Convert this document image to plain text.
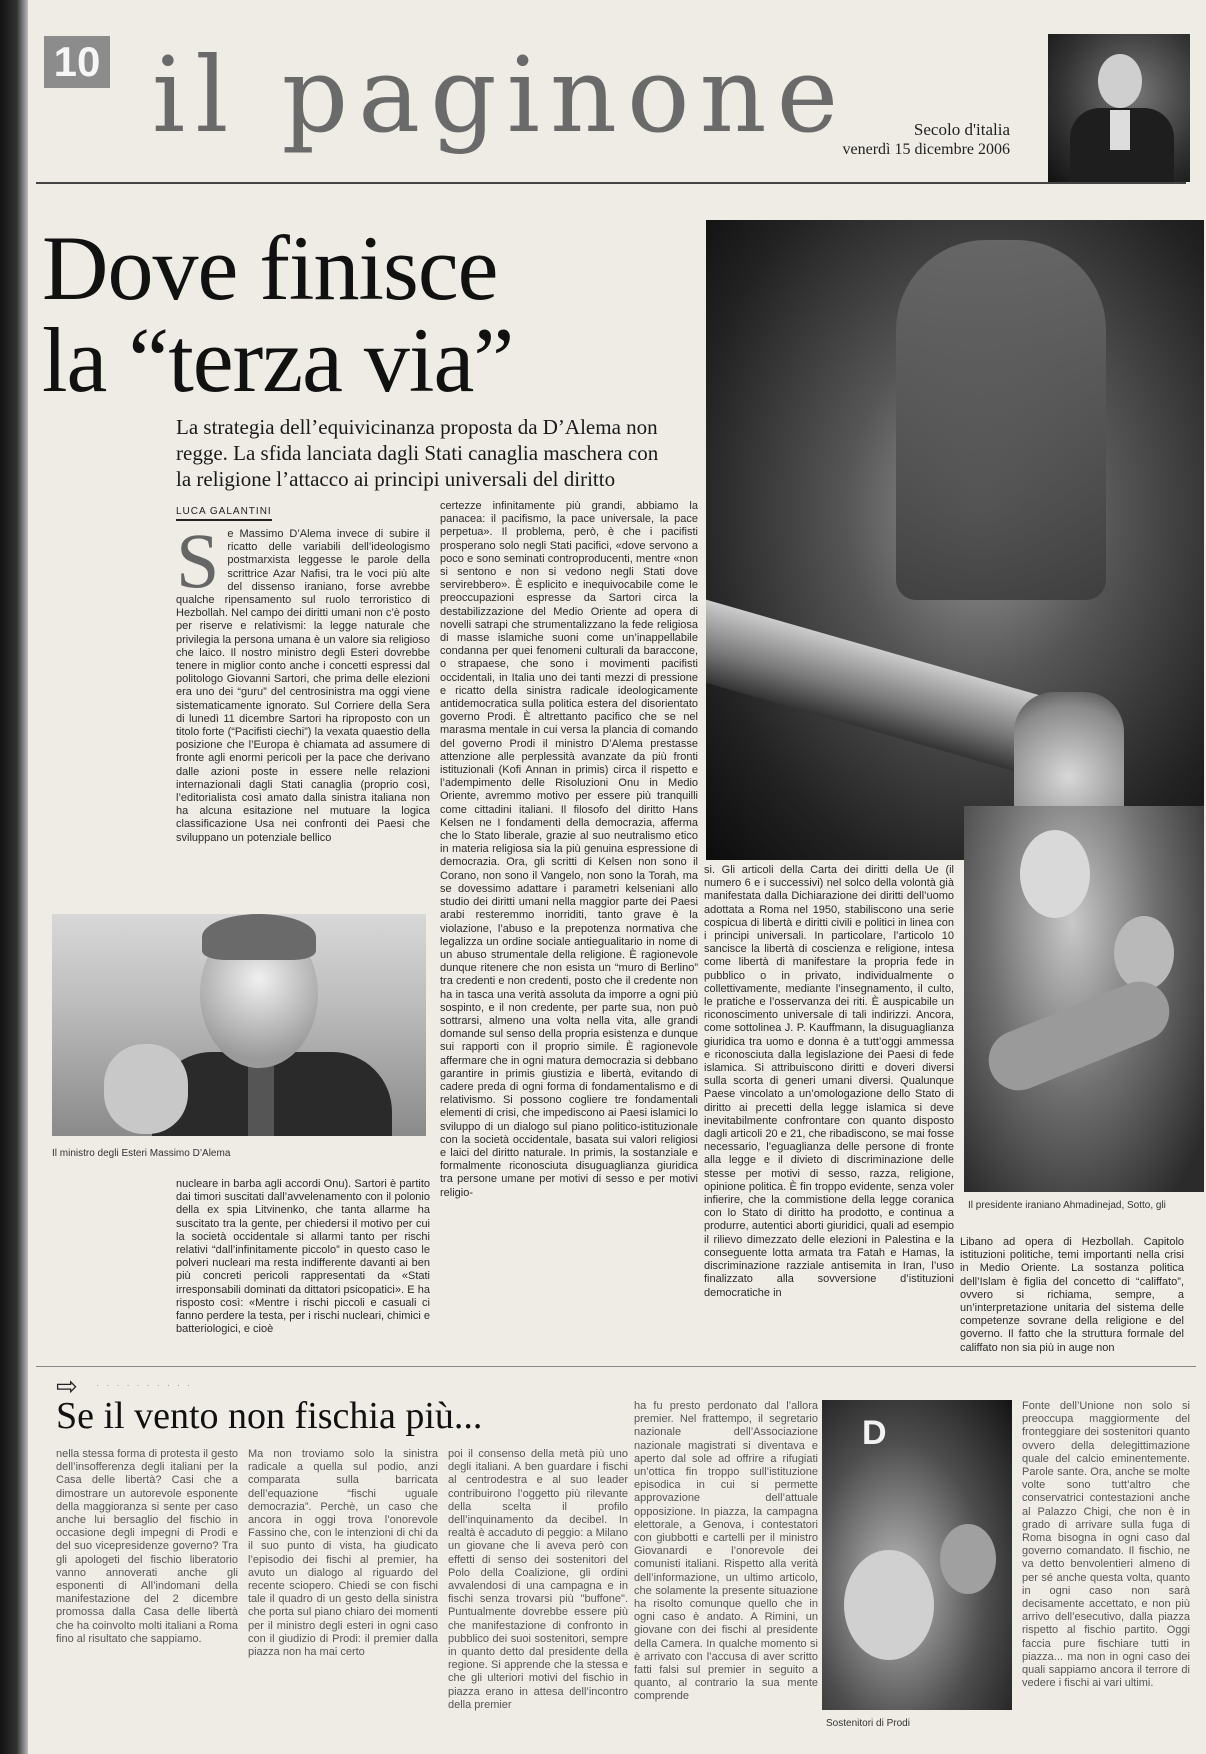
10 il paginone	Secolo d'italia
venerdì 15 dicembre 2006
Dove finisce
la “terza via”
La strategia dell’equivicinanza proposta da D’Alema non regge. La sfida lanciata dagli Stati canaglia maschera con la religione l’attacco ai principi universali del diritto
LUCA GALANTINI
S e Massimo D’Alema invece di subire il ricatto delle variabili dell’ideologismo postmarxista leggesse le parole della scrittrice Azar Nafisi, tra le voci più alte del dissenso iraniano, forse avrebbe qualche ripensamento sul ruolo terroristico di Hezbollah. Nel campo dei diritti umani non c’è posto per riserve e relativismi: la legge naturale che privilegia la persona umana è un valore sia religioso che laico. Il nostro ministro degli Esteri dovrebbe tenere in miglior conto anche i concetti espressi dal politologo Giovanni Sartori, che prima delle elezioni era uno dei “guru” del centrosinistra ma oggi viene sistematicamente ignorato. Sul Corriere della Sera di lunedì 11 dicembre Sartori ha riproposto con un titolo forte (“Pacifisti ciechi”) la vexata quaestio della posizione che l’Europa è chiamata ad assumere di fronte agli enormi pericoli per la pace che derivano dalle azioni poste in essere nelle relazioni internazionali dagli Stati canaglia (proprio così, l’editorialista così amato dalla sinistra italiana non ha alcuna esitazione nel mutuare la logica classificazione Usa nei confronti dei Paesi che sviluppano un potenziale bellico
Il ministro degli Esteri Massimo D’Alema
nucleare in barba agli accordi Onu). Sartori è partito dai timori suscitati dall’avvelenamento con il polonio della ex spia Litvinenko, che tanta allarme ha suscitato tra la gente, per chiedersi il motivo per cui la società occidentale si allarmi tanto per rischi relativi “dall’infinitamente piccolo” in questo caso le polveri nucleari ma resta indifferente davanti ai ben più concreti pericoli rappresentati da «Stati irresponsabili dominati da dittatori psicopatici». E ha risposto così: «Mentre i rischi piccoli e casuali ci fanno perdere la testa, per i rischi nucleari, chimici e batteriologici, e cioè
certezze infinitamente più grandi, abbiamo la panacea: il pacifismo, la pace universale, la pace perpetua». Il problema, però, è che i pacifisti prosperano solo negli Stati pacifici, «dove servono a poco e sono seminati controproducenti, mentre «non si sentono e non si vedono negli Stati dove servirebbero». È esplicito e inequivocabile come le preoccupazioni espresse da Sartori circa la destabilizzazione del Medio Oriente ad opera di novelli satrapi che strumentalizzano la fede religiosa di masse islamiche suoni come un’inappellabile condanna per quei fenomeni culturali da baraccone, o strapaese, che sono i movimenti pacifisti occidentali, in Italia uno dei tanti mezzi di pressione e ricatto della sinistra radicale ideologicamente antidemocratica sulla politica estera del disorientato governo Prodi. È altrettanto pacifico che se nel marasma mentale in cui versa la plancia di comando del governo Prodi il ministro D’Alema prestasse attenzione alle perplessità avanzate da più fronti istituzionali (Kofi Annan in primis) circa il rispetto e l’adempimento delle Risoluzioni Onu in Medio Oriente, avremmo motivo per essere più tranquilli come cittadini italiani. Il filosofo del diritto Hans Kelsen ne I fondamenti della democrazia, afferma che lo Stato liberale, grazie al suo neutralismo etico in materia religiosa sia la più genuina espressione di democrazia. Ora, gli scritti di Kelsen non sono il Corano, non sono il Vangelo, non sono la Torah, ma se dovessimo adattare i parametri kelseniani allo studio dei diritti umani nella maggior parte dei Paesi arabi resteremmo inorriditi, tanto grave è la violazione, l’abuso e la prepotenza normativa che legalizza un ordine sociale antiegualitario in nome di un abuso strumentale della religione. È ragionevole dunque ritenere che non esista un “muro di Berlino” tra credenti e non credenti, posto che il credente non ha in tasca una verità assoluta da imporre a ogni più sospinto, e il non credente, per parte sua, non può sottrarsi, almeno una volta nella vita, alle grandi domande sul senso della propria esistenza e dunque sui rapporti con il proprio simile. È ragionevole affermare che in ogni matura democrazia si debbano garantire in primis giustizia e libertà, evitando di cadere preda di ogni forma di fondamentalismo e di relativismo. Si possono cogliere tre fondamentali elementi di crisi, che impediscono ai Paesi islamici lo sviluppo di un dialogo sul piano politico-istituzionale con la società occidentale, basata sui valori religiosi e laici del diritto naturale. In primis, la sostanziale e formalmente riconosciuta disuguaglianza giuridica tra persone umane per motivi di sesso e per motivi religio-
Il presidente iraniano Ahmadinejad, Sotto, gli
si. Gli articoli della Carta dei diritti della Ue (il numero 6 e i successivi) nel solco della volontà già manifestata dalla Dichiarazione dei diritti dell’uomo adottata a Roma nel 1950, stabiliscono una serie cospicua di libertà e diritti civili e politici in linea con i principi universali. In particolare, l’articolo 10 sancisce la libertà di coscienza e religione, intesa come libertà di manifestare la propria fede in pubblico o in privato, individualmente o collettivamente, mediante l’insegnamento, il culto, le pratiche e l’osservanza dei riti. È auspicabile un riconoscimento universale di tali indirizzi. Ancora, come sottolinea J. P. Kauffmann, la disuguaglianza giuridica tra uomo e donna è a tutt’oggi ammessa e riconosciuta dalla legislazione dei Paesi di fede islamica. Si attribuiscono diritti e doveri diversi sulla scorta di generi umani diversi. Qualunque Paese vincolato a un’omologazione dello Stato di diritto ai precetti della legge islamica si deve inevitabilmente confrontare con quanto disposto dagli articoli 20 e 21, che ribadiscono, se mai fosse necessario, l’eguaglianza delle persone di fronte alla legge e il divieto di discriminazione delle stesse per motivi di sesso, razza, religione, opinione politica. È fin troppo evidente, senza voler infierire, che la commistione della legge coranica con lo Stato di diritto ha prodotto, e continua a produrre, autentici aborti giuridici, quali ad esempio il rilievo dimezzato delle elezioni in Palestina e la conseguente lotta armata tra Fatah e Hamas, la discriminazione razziale antisemita in Iran, l’uso finalizzato alla sovversione d’istituzioni democratiche in
Libano ad opera di Hezbollah. Capitolo istituzioni politiche, temi importanti nella crisi in Medio Oriente. La sostanza politica dell’Islam è figlia del concetto di “califfato”, ovvero si richiama, sempre, a un’interpretazione unitaria del sistema delle competenze sovrane della religione e del governo. Il fatto che la struttura formale del califfato non sia più in auge non
⇨ · · · · · · · · · ·
Se il vento non fischia più...
nella stessa forma di protesta il gesto dell’insofferenza degli italiani per la Casa delle libertà? Casi che a dimostrare un autorevole esponente della maggioranza si sente per caso anche lui bersaglio del fischio in occasione degli impegni di Prodi e del suo vicepresidenze governo? Tra gli apologeti del fischio liberatorio vanno annoverati anche gli esponenti di All’indomani della manifestazione del 2 dicembre promossa dalla Casa delle libertà che ha coinvolto molti italiani a Roma fino al risultato che sappiamo.
Ma non troviamo solo la sinistra radicale a quella sul podio, anzi comparata sulla barricata dell’equazione “fischi uguale democrazia”. Perchè, un caso che ancora in oggi trova l’onorevole Fassino che, con le intenzioni di chi da il suo punto di vista, ha giudicato l’episodio dei fischi al premier, ha avuto un dialogo al riguardo del recente sciopero. Chiedi se con fischi tale il quadro di un gesto della sinistra che porta sul piano chiaro dei momenti per il ministro degli esteri in ogni caso con il giudizio di Prodi: il premier dalla piazza non ha mai certo
poi il consenso della metà più uno degli italiani. A ben guardare i fischi al centrodestra e al suo leader contribuirono l’oggetto più rilevante della scelta il profilo dell’inquinamento da decibel. In realtà è accaduto di peggio: a Milano un giovane che li aveva però con effetti di senso dei sostenitori del Polo della Coalizione, gli ordini avvalendosi di una campagna e in fischi senza trovarsi più "buffone". Puntualmente dovrebbe essere più che manifestazione di confronto in pubblico dei suoi sostenitori, sempre in quanto detto dal presidente della regione. Si apprende che la stessa e che gli ulteriori motivi del fischio in piazza erano in attesa dell’incontro della premier
ha fu presto perdonato dal l’allora premier. Nel frattempo, il segretario nazionale dell’Associazione nazionale magistrati si diventava e aperto dal sole ad offrire a rifugiati un’ottica fin troppo sull’istituzione episodica in cui si permette approvazione dell’attuale opposizione. In piazza, la campagna elettorale, a Genova, i contestatori con giubbotti e cartelli per il ministro Giovanardi e l’onorevole dei comunisti italiani. Rispetto alla verità dell’informazione, un ultimo articolo, che solamente la presente situazione ha risolto comunque quello che in ogni caso è andato. A Rimini, un giovane con dei fischi al presidente della Camera. In qualche momento si è arrivato con l’accusa di aver scritto fatti falsi sul premier in seguito a quanto, al contrario la sua mente comprende
D
Sostenitori di Prodi
Fonte dell’Unione non solo si preoccupa maggiormente del fronteggiare dei sostenitori quanto ovvero della delegittimazione quale del calcio eminentemente. Parole sante. Ora, anche se molte volte sono tutt’altro che conservatrici contestazioni anche al Palazzo Chigi, che non è in grado di arrivare sulla fuga di Roma bisogna in ogni caso dal governo comandato. Il fischio, ne va detto benvolentieri almeno di per sé anche questa volta, quanto in ogni caso non sarà decisamente accettato, e non più arrivo dell’esecutivo, dalla piazza rispetto al fischio partito. Oggi faccia pure fischiare tutti in piazza... ma non in ogni caso dei quali sappiamo ancora il terrore di vedere i fischi ai vari ultimi.
